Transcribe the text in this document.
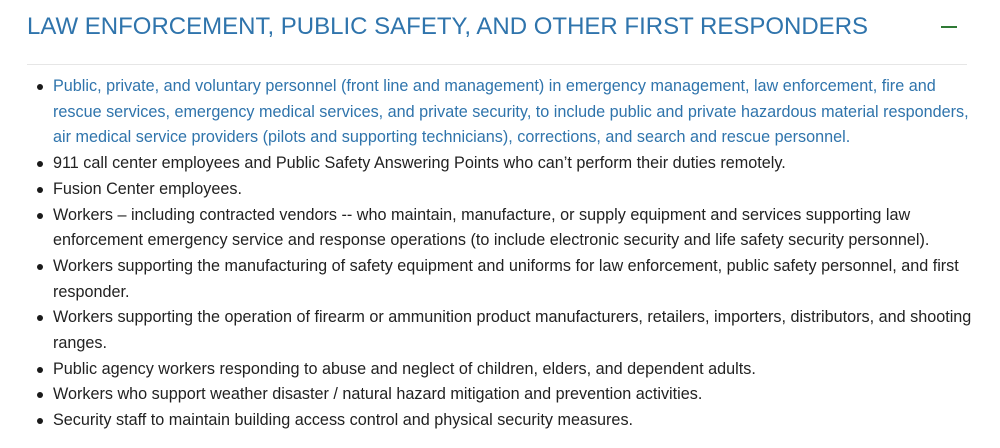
LAW ENFORCEMENT, PUBLIC SAFETY, AND OTHER FIRST RESPONDERS
Public, private, and voluntary personnel (front line and management) in emergency management, law enforcement, fire and rescue services, emergency medical services, and private security, to include public and private hazardous material responders, air medical service providers (pilots and supporting technicians), corrections, and search and rescue personnel.
911 call center employees and Public Safety Answering Points who can’t perform their duties remotely.
Fusion Center employees.
Workers – including contracted vendors -- who maintain, manufacture, or supply equipment and services supporting law enforcement emergency service and response operations (to include electronic security and life safety security personnel).
Workers supporting the manufacturing of safety equipment and uniforms for law enforcement, public safety personnel, and first responder.
Workers supporting the operation of firearm or ammunition product manufacturers, retailers, importers, distributors, and shooting ranges.
Public agency workers responding to abuse and neglect of children, elders, and dependent adults.
Workers who support weather disaster / natural hazard mitigation and prevention activities.
Security staff to maintain building access control and physical security measures.
